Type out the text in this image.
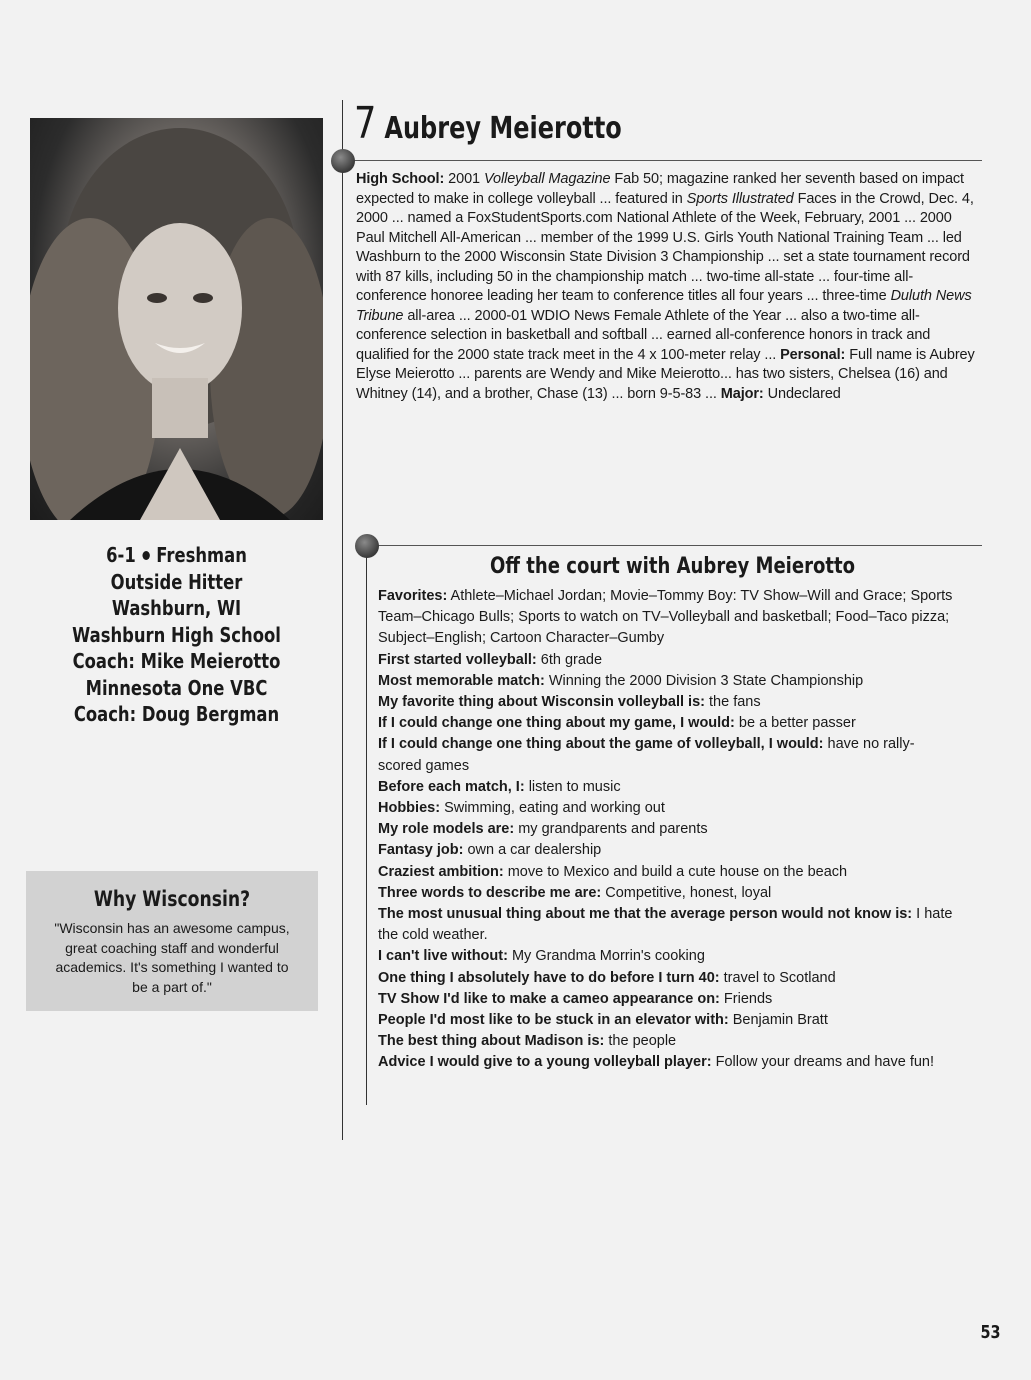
6-1 Freshman
Outside Hitter
Washburn, WI
Washburn High School
Coach: Mike Meierotto
Minnesota One VBC
Coach: Doug Bergman
Why Wisconsin?
"Wisconsin has an awesome campus, great coaching staff and wonderful academics. It's something I wanted to be a part of."
7 Aubrey Meierotto
High School: 2001 Volleyball Magazine Fab 50; magazine ranked her seventh based on impact expected to make in college volleyball ... featured in Sports Illustrated Faces in the Crowd, Dec. 4, 2000 ... named a FoxStudentSports.com National Athlete of the Week, February, 2001 ... 2000 Paul Mitchell All-American ... member of the 1999 U.S. Girls Youth National Training Team ... led Washburn to the 2000 Wisconsin State Division 3 Championship ... set a state tournament record with 87 kills, including 50 in the championship match ... two-time all-state ... four-time all-conference honoree leading her team to conference titles all four years ... three-time Duluth News Tribune all-area ... 2000-01 WDIO News Female Athlete of the Year ... also a two-time all-conference selection in basketball and softball ... earned all-conference honors in track and qualified for the 2000 state track meet in the 4 x 100-meter relay ... Personal: Full name is Aubrey Elyse Meierotto ... parents are Wendy and Mike Meierotto... has two sisters, Chelsea (16) and Whitney (14), and a brother, Chase (13) ... born 9-5-83 ... Major: Undeclared
Off the court with Aubrey Meierotto
Favorites: Athlete–Michael Jordan; Movie–Tommy Boy: TV Show–Will and Grace; Sports Team–Chicago Bulls; Sports to watch on TV–Volleyball and basketball; Food–Taco pizza; Subject–English; Cartoon Character–Gumby
First started volleyball: 6th grade
Most memorable match: Winning the 2000 Division 3 State Championship
My favorite thing about Wisconsin volleyball is: the fans
If I could change one thing about my game, I would: be a better passer
If I could change one thing about the game of volleyball, I would: have no rally-scored games
Before each match, I: listen to music
Hobbies: Swimming, eating and working out
My role models are: my grandparents and parents
Fantasy job: own a car dealership
Craziest ambition: move to Mexico and build a cute house on the beach
Three words to describe me are: Competitive, honest, loyal
The most unusual thing about me that the average person would not know is: I hate the cold weather.
I can't live without: My Grandma Morrin's cooking
One thing I absolutely have to do before I turn 40: travel to Scotland
TV Show I'd like to make a cameo appearance on: Friends
People I'd most like to be stuck in an elevator with: Benjamin Bratt
The best thing about Madison is: the people
Advice I would give to a young volleyball player: Follow your dreams and have fun!
53
